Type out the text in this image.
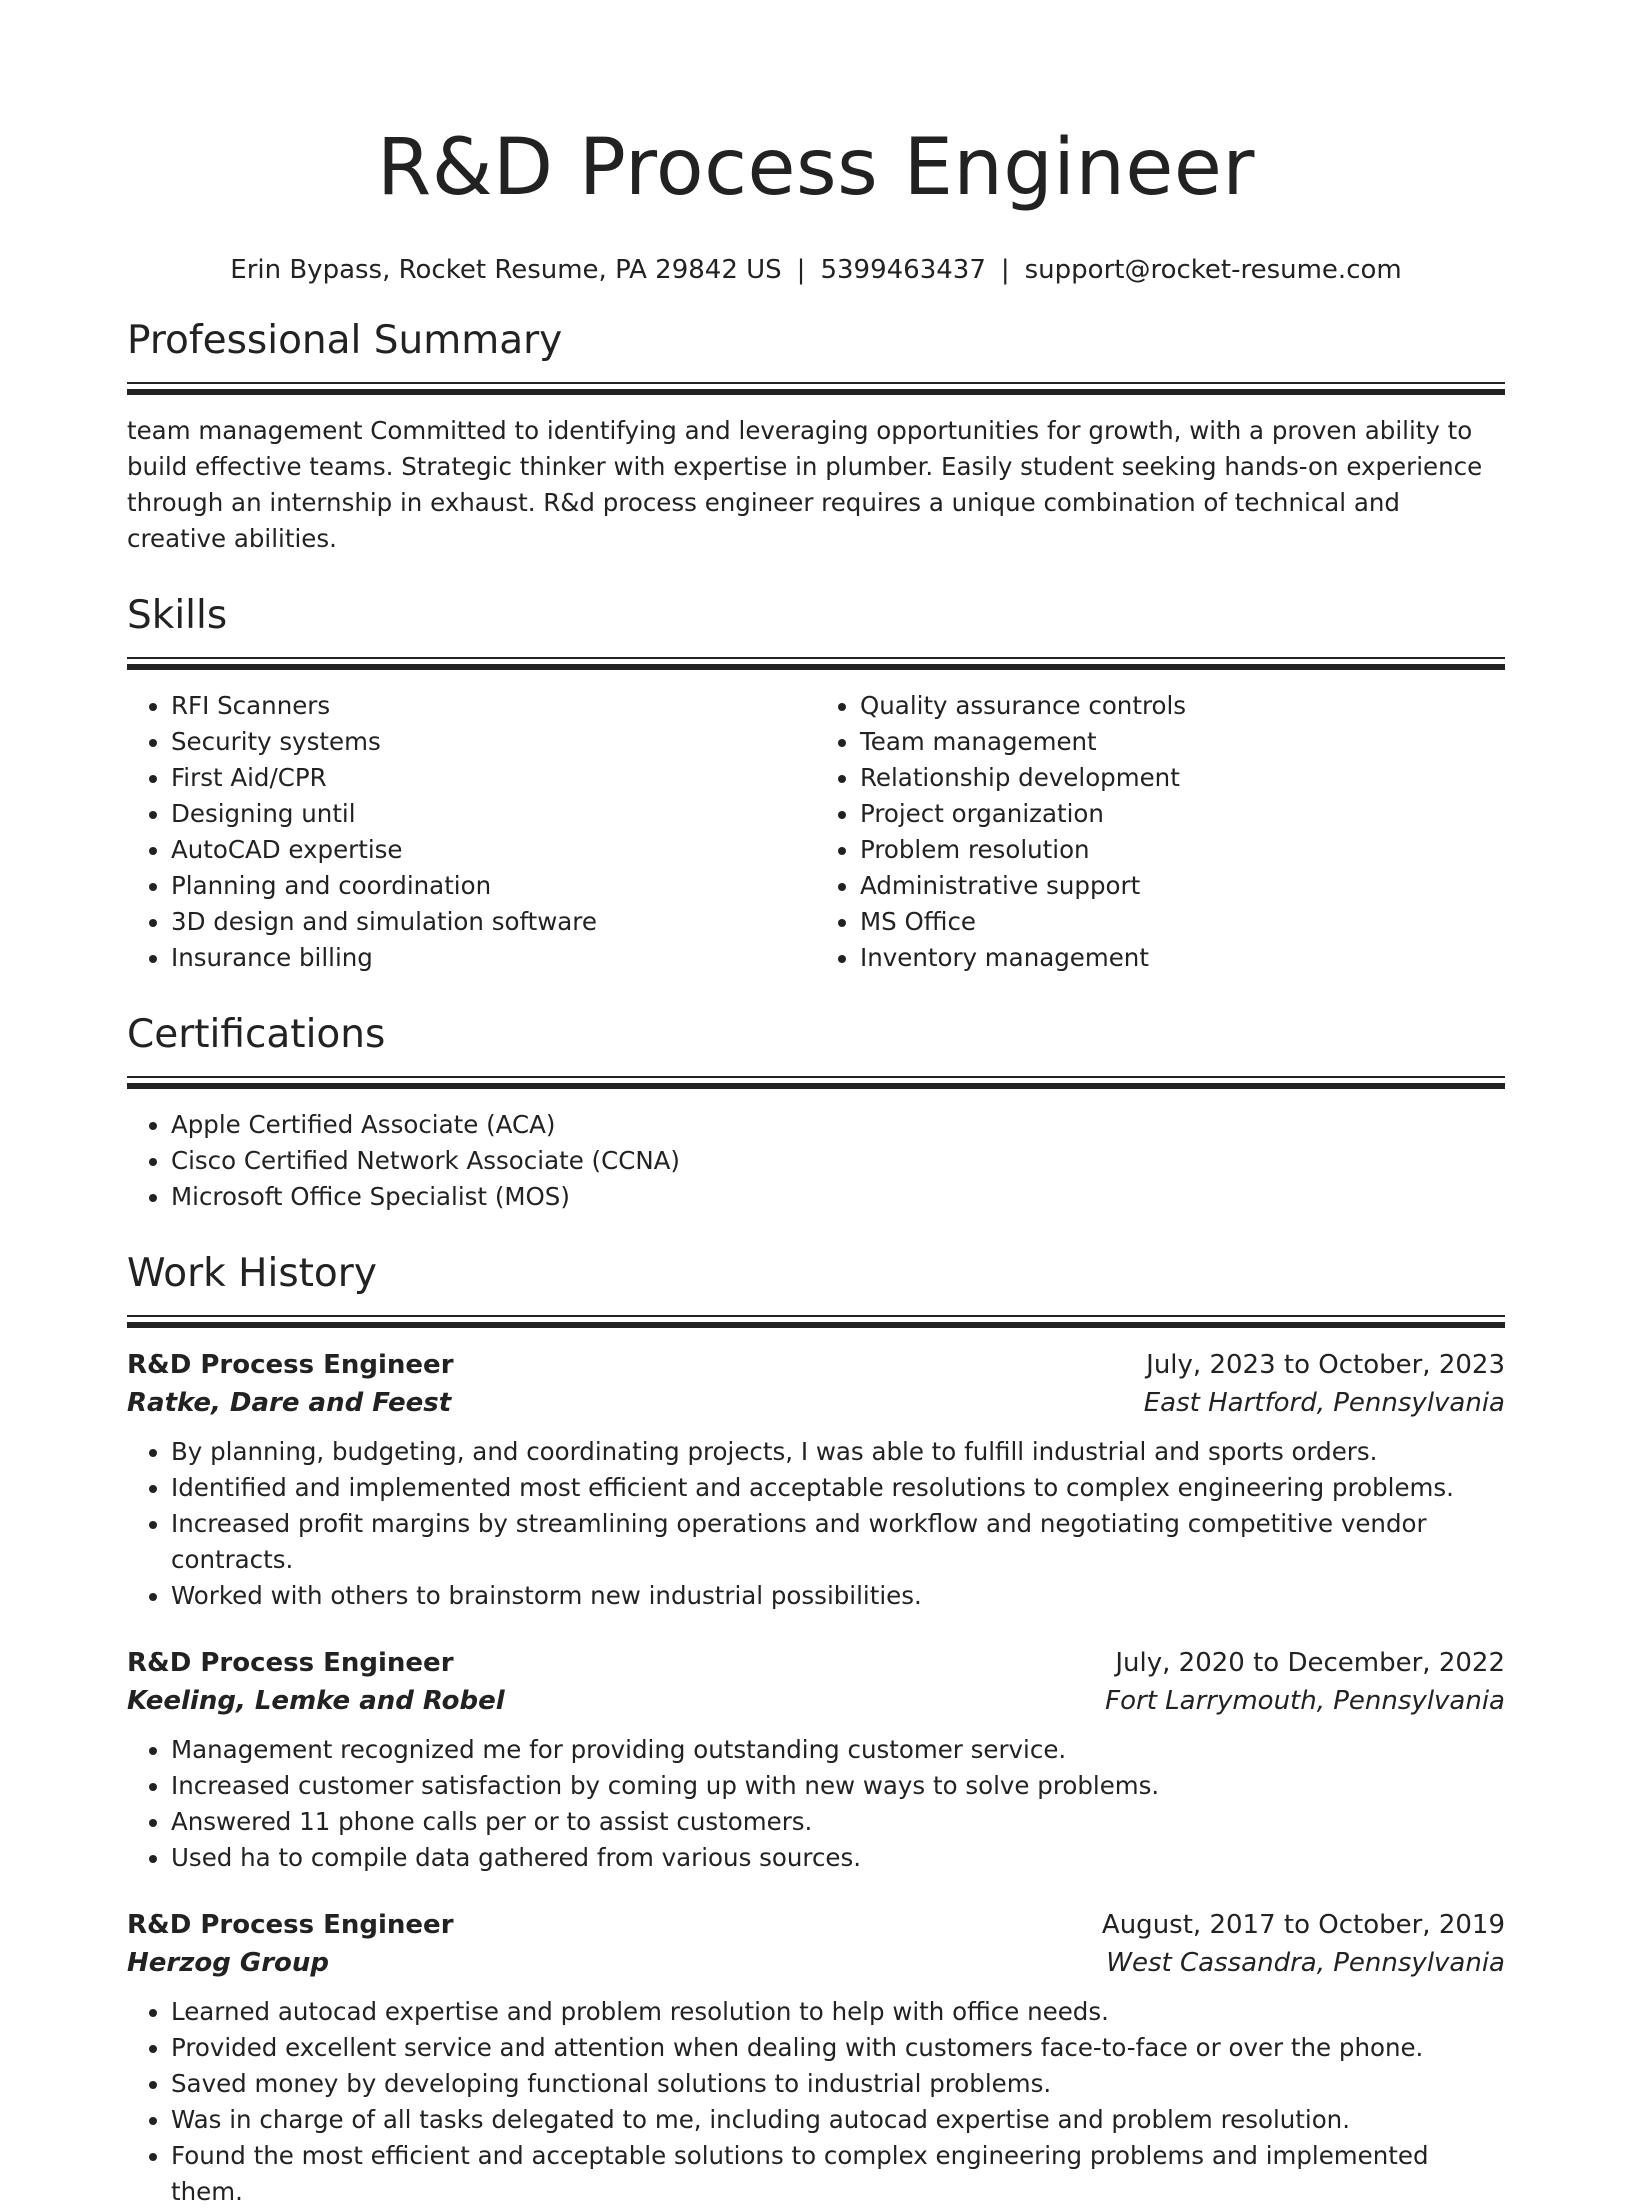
R&D Process Engineer
Erin Bypass, Rocket Resume, PA 29842 US | 5399463437 | support@rocket-resume.com
Professional Summary

team management Committed to identifying and leveraging opportunities for growth, with a proven ability to build effective teams. Strategic thinker with expertise in plumber. Easily student seeking hands-on experience through an internship in exhaust. R&d process engineer requires a unique combination of technical and creative abilities.

Skills
• RFI Scanners
• Security systems
• First Aid/CPR
• Designing until
• AutoCAD expertise
• Planning and coordination
• 3D design and simulation software
• Insurance billing
• Quality assurance controls
• Team management
• Relationship development
• Project organization
• Problem resolution
• Administrative support
• MS Office
• Inventory management
Certifications
• Apple Certified Associate (ACA)
• Cisco Certified Network Associate (CCNA)
• Microsoft Office Specialist (MOS)
Work History
R&D Process Engineer	July, 2023 to October, 2023
Ratke, Dare and Feest	East Hartford, Pennsylvania
• By planning, budgeting, and coordinating projects, I was able to fulfill industrial and sports orders.
• Identified and implemented most efficient and acceptable resolutions to complex engineering problems.
• Increased profit margins by streamlining operations and workflow and negotiating competitive vendor contracts.
• Worked with others to brainstorm new industrial possibilities.
R&D Process Engineer	July, 2020 to December, 2022
Keeling, Lemke and Robel	Fort Larrymouth, Pennsylvania
• Management recognized me for providing outstanding customer service.
• Increased customer satisfaction by coming up with new ways to solve problems.
• Answered 11 phone calls per or to assist customers.
• Used ha to compile data gathered from various sources.
R&D Process Engineer	August, 2017 to October, 2019
Herzog Group	West Cassandra, Pennsylvania
• Learned autocad expertise and problem resolution to help with office needs.
• Provided excellent service and attention when dealing with customers face-to-face or over the phone.
• Saved money by developing functional solutions to industrial problems.
• Was in charge of all tasks delegated to me, including autocad expertise and problem resolution.
• Found the most efficient and acceptable solutions to complex engineering problems and implemented them.
